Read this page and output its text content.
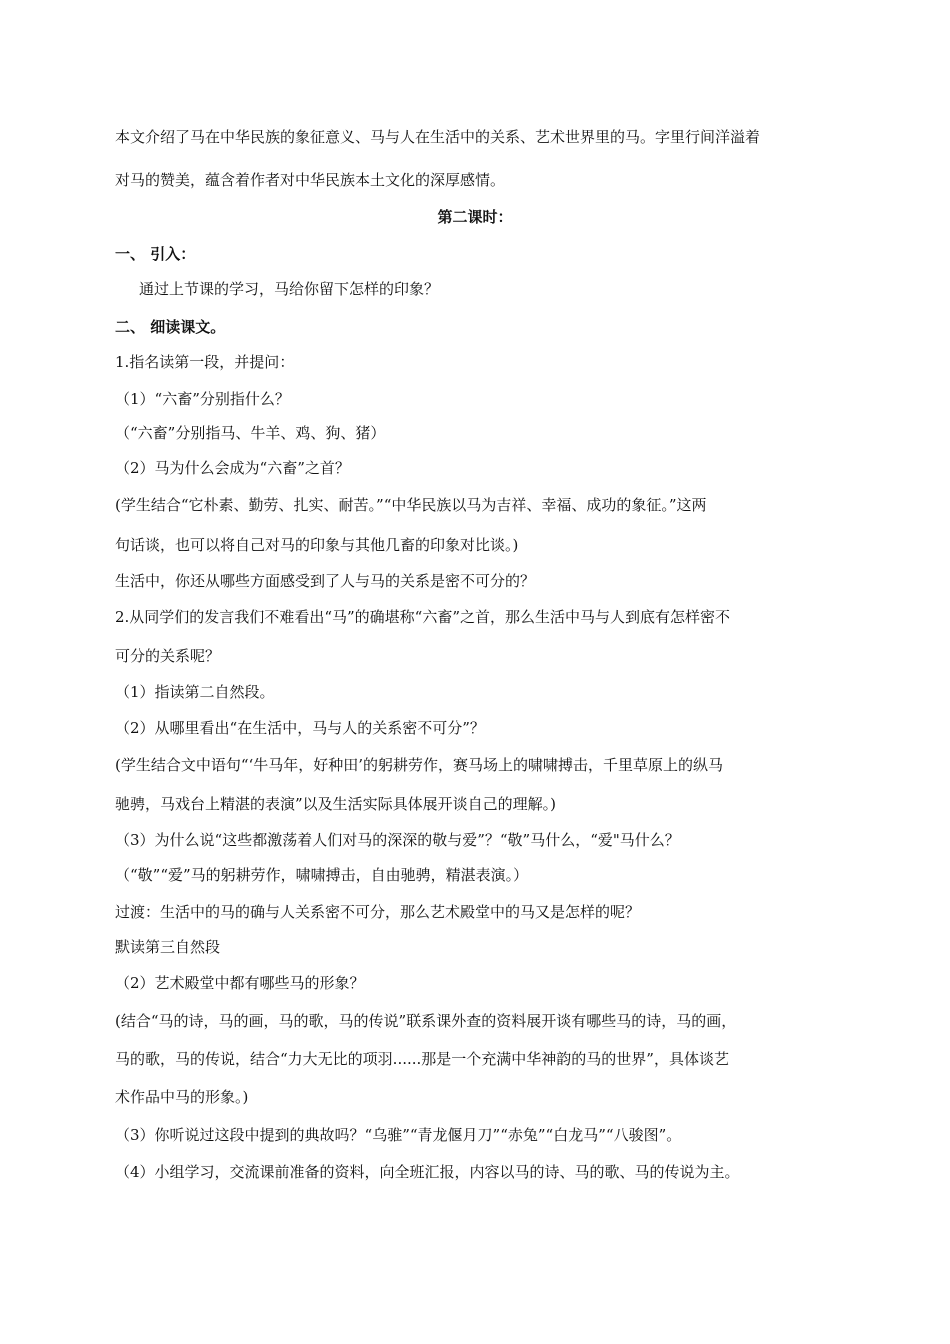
本文介绍了马在中华民族的象征意义、马与人在生活中的关系、艺术世界里的马。字里行间洋溢着
对马的赞美，蕴含着作者对中华民族本土文化的深厚感情。
第二课时：
一、 引入：
通过上节课的学习，马给你留下怎样的印象？
二、 细读课文。
1.指名读第一段，并提问：
（1）“六畜”分别指什么？
（“六畜”分别指马、牛羊、鸡、狗、猪）
（2）马为什么会成为“六畜”之首？
(学生结合“它朴素、勤劳、扎实、耐苦。”“中华民族以马为吉祥、幸福、成功的象征。”这两
句话谈，也可以将自己对马的印象与其他几畜的印象对比谈。)
生活中，你还从哪些方面感受到了人与马的关系是密不可分的？
2.从同学们的发言我们不难看出“马”的确堪称“六畜”之首，那么生活中马与人到底有怎样密不
可分的关系呢？
（1）指读第二自然段。
（2）从哪里看出“在生活中，马与人的关系密不可分”？
(学生结合文中语句“‘牛马年，好种田’的躬耕劳作，赛马场上的啸啸搏击，千里草原上的纵马
驰骋，马戏台上精湛的表演”以及生活实际具体展开谈自己的理解。)
（3）为什么说“这些都激荡着人们对马的深深的敬与爱”？“敬”马什么，“爱"马什么？
（“敬”“爱”马的躬耕劳作，啸啸搏击，自由驰骋，精湛表演。）
过渡：生活中的马的确与人关系密不可分，那么艺术殿堂中的马又是怎样的呢？
默读第三自然段
（2）艺术殿堂中都有哪些马的形象？
(结合“马的诗，马的画，马的歌，马的传说”联系课外查的资料展开谈有哪些马的诗，马的画，
马的歌，马的传说，结合“力大无比的项羽......那是一个充满中华神韵的马的世界”，具体谈艺
术作品中马的形象。)
（3）你听说过这段中提到的典故吗？“乌骓”“青龙偃月刀”“赤兔”“白龙马”“八骏图”。
（4）小组学习，交流课前准备的资料，向全班汇报，内容以马的诗、马的歌、马的传说为主。
